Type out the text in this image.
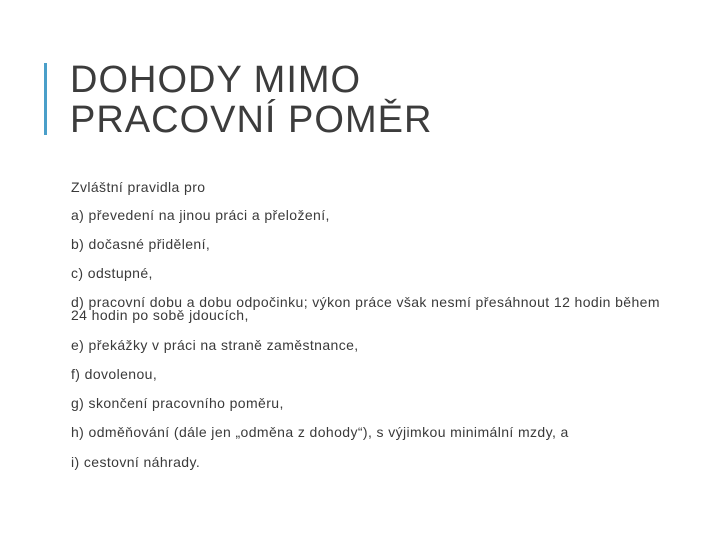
DOHODY MIMO
PRACOVNÍ POMĚR

Zvláštní pravidla pro

a) převedení na jinou práci a přeložení,
b) dočasné přidělení,
c) odstupné,
d) pracovní dobu a dobu odpočinku; výkon práce však nesmí přesáhnout 12 hodin během 24 hodin po sobě jdoucích,
e) překážky v práci na straně zaměstnance,
f) dovolenou,
g) skončení pracovního poměru,
h) odměňování (dále jen „odměna z dohody“), s výjimkou minimální mzdy, a
i) cestovní náhrady.
